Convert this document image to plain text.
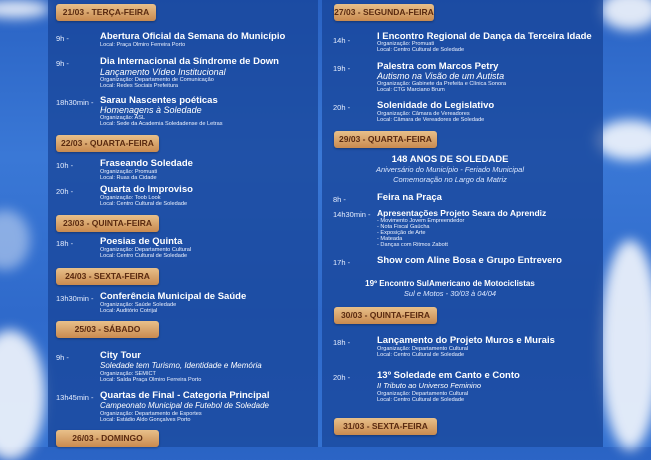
21/03 - TERÇA-FEIRA
9h -	Abertura Oficial da Semana do Município
Local: Praça Olmiro Ferreira Porto
9h -	Dia Internacional da Síndrome de Down
Lançamento Vídeo Institucional
Organização: Departamento de Comunicação
Local: Redes Sociais Prefeitura
18h30min - Sarau Nascentes poéticas
Homenagens à Soledade
Organização: ASL
Local: Sede da Academia Soledadense de Letras
22/03 - QUARTA-FEIRA
10h -	Fraseando Soledade
Organização: Promuati
Local: Ruas da Cidade
20h -	Quarta do Improviso
Organização: Toob Look
Local: Centro Cultural de Soledade
23/03 - QUINTA-FEIRA
18h -	Poesias de Quinta
Organização: Departamento Cultural
Local: Centro Cultural de Soledade
24/03 - SEXTA-FEIRA
13h30min - Conferência Municipal de Saúde
Organização: Saúde Soledade
Local: Auditório Cotrijal
25/03 - SÁBADO
9h -	City Tour
Soledade tem Turismo, Identidade e Memória
Organização: SEMICT
Local: Saída Praça Olmiro Ferreira Porto
13h45min - Quartas de Final - Categoria Principal
Campeonato Municipal de Futebol de Soledade
Organização: Departamento de Esportes
Local: Estádio Aldo Gonçalves Porto
26/03 - DOMINGO
27/03 - SEGUNDA-FEIRA
14h -	I Encontro Regional de Dança da Terceira Idade
Organização: Promuati
Local: Centro Cultural de Soledade
19h -	Palestra com Marcos Petry
Autismo na Visão de um Autista
Organização: Gabinete da Prefeita e Clínica Sonora
Local: CTG Marciano Brum
20h -	Solenidade do Legislativo
Organização: Câmara de Vereadores
Local: Câmara de Vereadores de Soledade
29/03 - QUARTA-FEIRA
148 ANOS DE SOLEDADE
Aniversário do Município - Feriado Municipal
Comemoração no Largo da Matriz
8h -	Feira na Praça
14h30min - Apresentações Projeto Seara do Aprendiz
- Movimento Jovem Empreendedor
- Nota Fiscal Gaúcha
- Exposição de Arte
- Mateada
- Danças com Ritmos Zabott
17h -	Show com Aline Bosa e Grupo Entrevero
19º Encontro SulAmericano de Motociclistas
Sul e Motos - 30/03 à 04/04
30/03 - QUINTA-FEIRA
18h -	Lançamento do Projeto Muros e Murais
Organização: Departamento Cultural
Local: Centro Cultural de Soledade
20h -	13º Soledade em Canto e Conto
II Tributo ao Universo Feminino
Organização: Departamento Cultural
Local: Centro Cultural de Soledade
31/03 - SEXTA-FEIRA
